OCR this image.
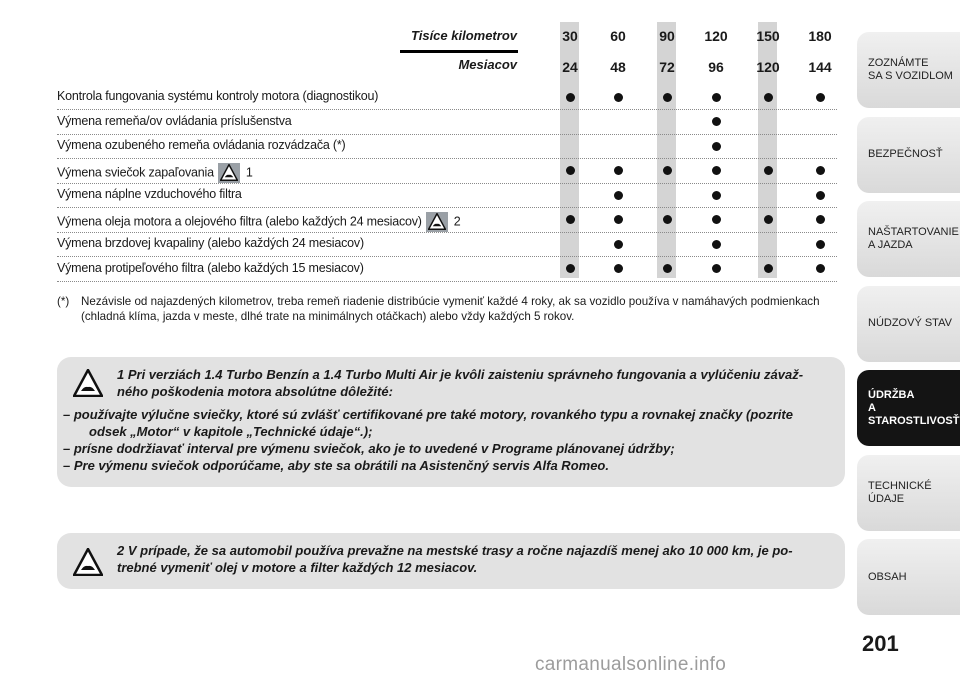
Tisíce kilometrov
Mesiacov
30
24
60
48
90
72
120
96
150
120
180
144
Kontrola fungovania systému kontroly motora (diagnostikou)
Výmena remeňa/ov ovládania príslušenstva
Výmena ozubeného remeňa ovládania rozvádzača (*)
Výmena sviečok zapaľovania	1
Výmena náplne vzduchového filtra
Výmena oleja motora a olejového filtra (alebo každých 24 mesiacov)	2
Výmena brzdovej kvapaliny (alebo každých 24 mesiacov)
Výmena protipeľového filtra (alebo každých 15 mesiacov)
(*) Nezávisle od najazdených kilometrov, treba remeň riadenie distribúcie vymeniť každé 4 roky, ak sa vozidlo používa v namáhavých podmienkach (chladná klíma, jazda v meste, dlhé trate na minimálnych otáčkach) alebo vždy každých 5 rokov.

1 Pri verziách 1.4 Turbo Benzín a 1.4 Turbo Multi Air je kvôli zaisteniu správneho fungovania a vylúčeniu závaž-

ného poškodenia motora absolútne dôležité:

– používajte výlučne sviečky, ktoré sú zvlášť certifikované pre také motory, rovankého typu a rovnakej značky (pozrite

odsek „Motor“ v kapitole „Technické údaje“.);

– prísne dodržiavať interval pre výmenu sviečok, ako je to uvedené v Programe plánovanej údržby;

– Pre výmenu sviečok odporúčame, aby ste sa obrátili na Asistenčný servis Alfa Romeo.

2 V prípade, že sa automobil používa prevažne na mestské trasy a ročne najazdíš menej ako 10 000 km, je po-

trebné vymeniť olej v motore a filter každých 12 mesiacov.

ZOZNÁMTE
SA S VOZIDLOM
BEZPEČNOSŤ
NAŠTARTOVANIE
A JAZDA
NÚDZOVÝ STAV
ÚDRŽBA
A STAROSTLIVOSŤ
TECHNICKÉ
ÚDAJE
OBSAH
201
carmanualsonline.info
